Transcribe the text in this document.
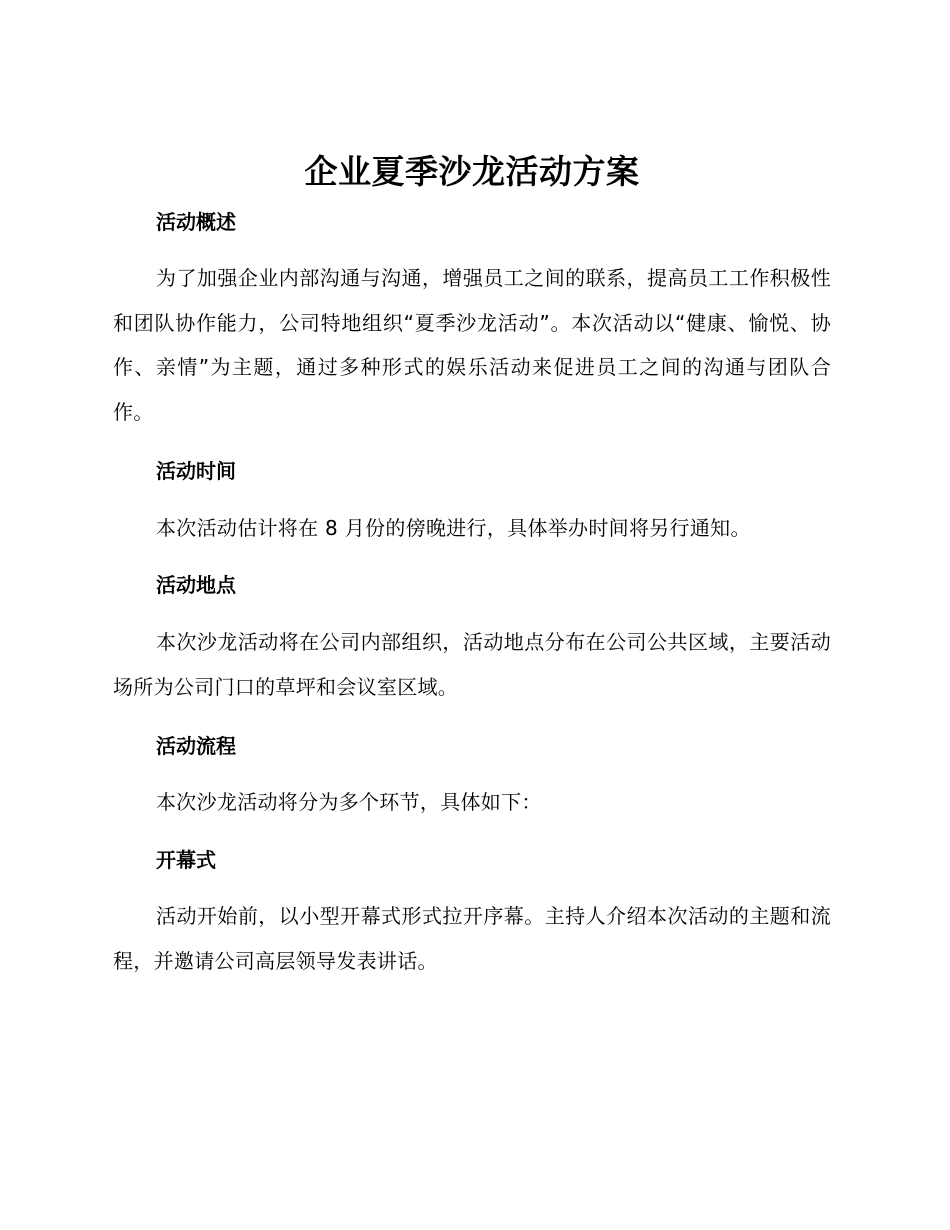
企业夏季沙龙活动方案
活动概述

为了加强企业内部沟通与沟通，增强员工之间的联系，提高员工工作积极性和团队协作能力，公司特地组织“夏季沙龙活动”。本次活动以“健康、愉悦、协作、亲情”为主题，通过多种形式的娱乐活动来促进员工之间的沟通与团队合作。

活动时间

本次活动估计将在 8 月份的傍晚进行，具体举办时间将另行通知。

活动地点

本次沙龙活动将在公司内部组织，活动地点分布在公司公共区域，主要活动场所为公司门口的草坪和会议室区域。

活动流程

本次沙龙活动将分为多个环节，具体如下：

开幕式

活动开始前，以小型开幕式形式拉开序幕。主持人介绍本次活动的主题和流程，并邀请公司高层领导发表讲话。
